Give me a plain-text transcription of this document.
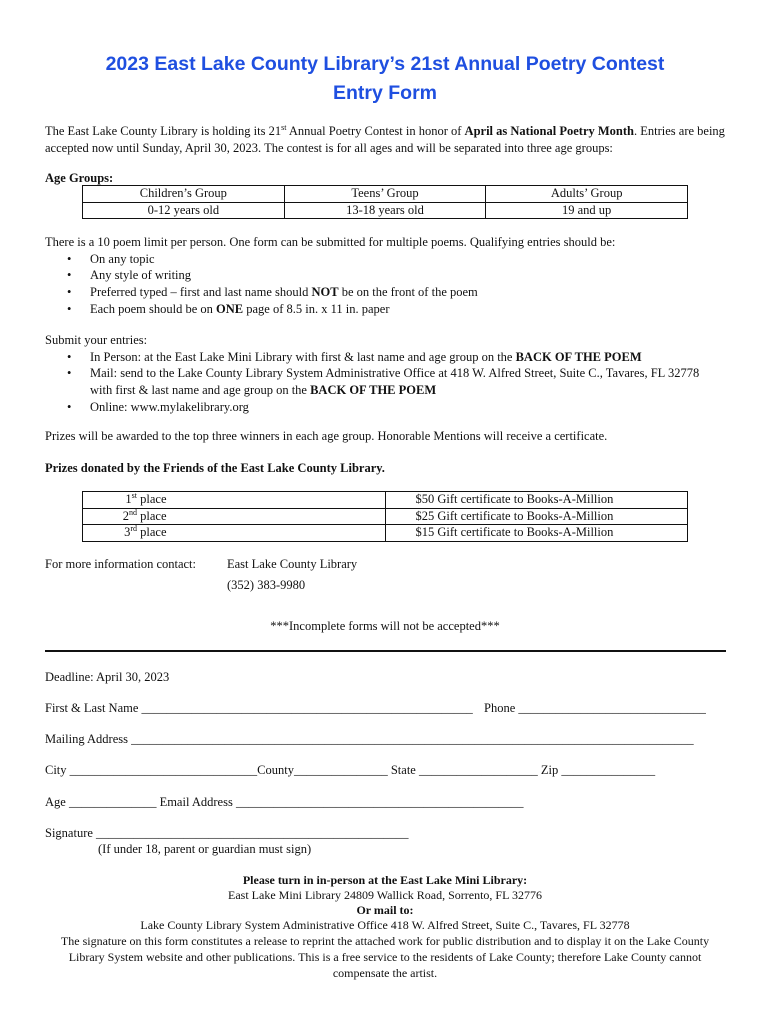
2023 East Lake County Library’s 21st Annual Poetry Contest
Entry Form
The East Lake County Library is holding its 21st Annual Poetry Contest in honor of April as National Poetry Month. Entries are being accepted now until Sunday, April 30, 2023. The contest is for all ages and will be separated into three age groups:
Age Groups:
Children’s Group	Teens’ Group	Adults’ Group
0-12 years old	13-18 years old	19 and up
There is a 10 poem limit per person. One form can be submitted for multiple poems. Qualifying entries should be:
• On any topic
• Any style of writing
• Preferred typed – first and last name should NOT be on the front of the poem
• Each poem should be on ONE page of 8.5 in. x 11 in. paper
Submit your entries:
• In Person: at the East Lake Mini Library with first & last name and age group on the BACK OF THE POEM
• Mail: send to the Lake County Library System Administrative Office at 418 W. Alfred Street, Suite C., Tavares, FL 32778 with first & last name and age group on the BACK OF THE POEM
• Online: www.mylakelibrary.org
Prizes will be awarded to the top three winners in each age group. Honorable Mentions will receive a certificate.
Prizes donated by the Friends of the East Lake County Library.
1st place	$50 Gift certificate to Books-A-Million
2nd place	$25 Gift certificate to Books-A-Million
3rd place	$15 Gift certificate to Books-A-Million
For more information contact: East Lake County Library
(352) 383-9980
***Incomplete forms will not be accepted***
Deadline: April 30, 2023
First & Last Name _____________________________________________________ Phone ______________________________
Mailing Address __________________________________________________________________________________________
City ______________________________County_______________ State ___________________ Zip _______________
Age ______________ Email Address ______________________________________________
Signature __________________________________________________
(If under 18, parent or guardian must sign)
Please turn in in-person at the East Lake Mini Library:
East Lake Mini Library 24809 Wallick Road, Sorrento, FL 32776
Or mail to:
Lake County Library System Administrative Office 418 W. Alfred Street, Suite C., Tavares, FL 32778
The signature on this form constitutes a release to reprint the attached work for public distribution and to display it on the Lake County Library System website and other publications. This is a free service to the residents of Lake County; therefore Lake County cannot compensate the artist.
